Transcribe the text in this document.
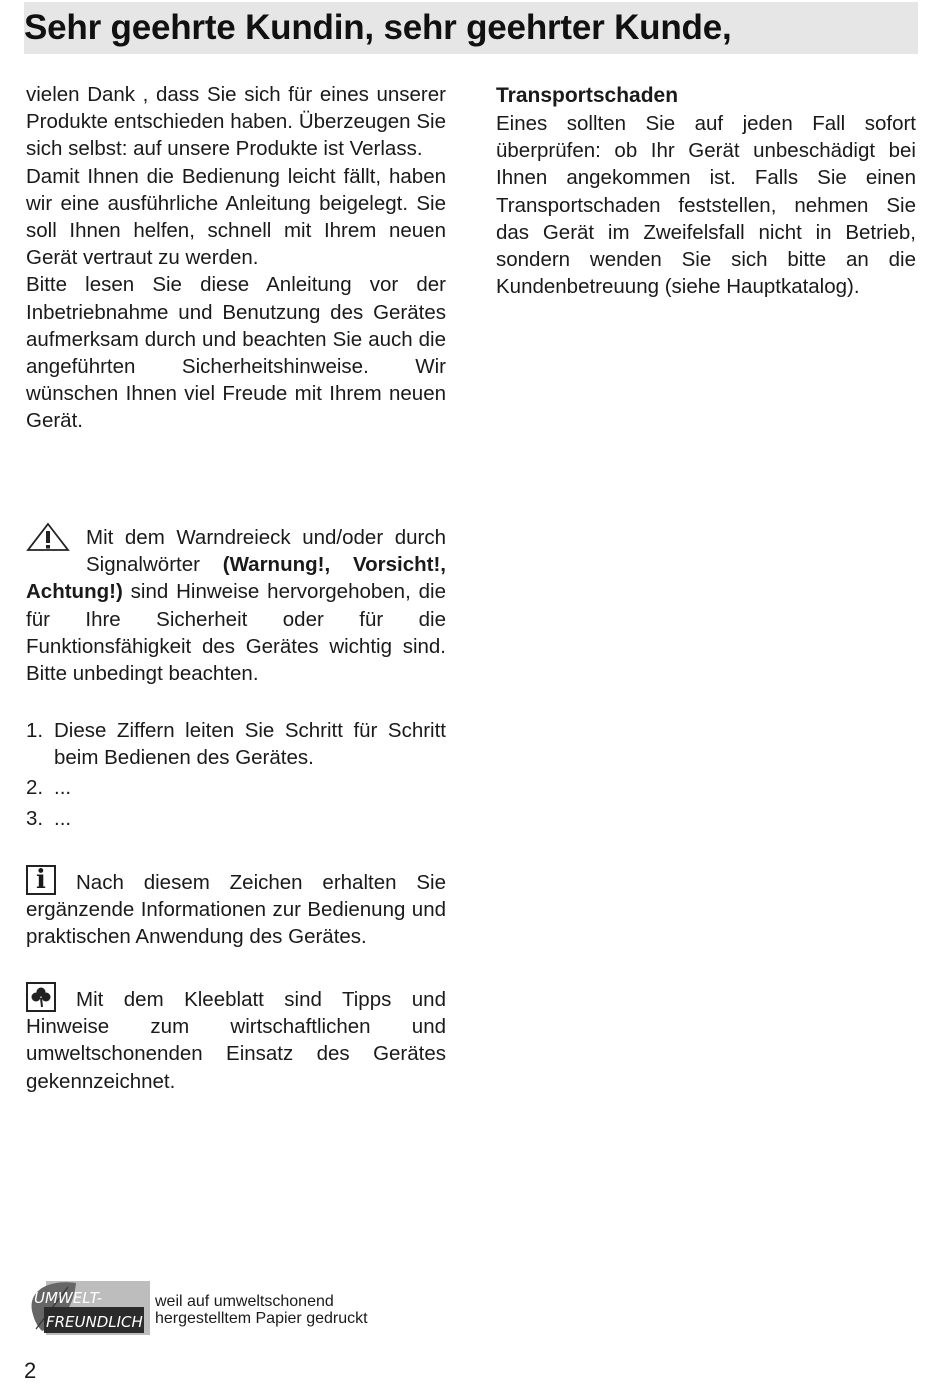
Sehr geehrte Kundin, sehr geehrter Kunde,

vielen Dank , dass Sie sich für eines unserer Produkte entschieden haben. Überzeugen Sie sich selbst: auf unsere Produkte ist Verlass.

Damit Ihnen die Bedienung leicht fällt, haben wir eine ausführliche Anleitung beigelegt. Sie soll Ihnen helfen, schnell mit Ihrem neuen Gerät vertraut zu werden.

Bitte lesen Sie diese Anleitung vor der Inbetriebnahme und Benutzung des Gerätes aufmerksam durch und beachten Sie auch die angeführten Sicherheitshinweise. Wir wünschen Ihnen viel Freude mit Ihrem neuen Gerät.

Transportschaden

Eines sollten Sie auf jeden Fall sofort überprüfen: ob Ihr Gerät unbeschädigt bei Ihnen angekommen ist. Falls Sie einen Transportschaden feststellen, nehmen Sie das Gerät im Zweifelsfall nicht in Betrieb, sondern wenden Sie sich bitte an die Kundenbetreuung (siehe Hauptkatalog).

Mit dem Warndreieck und/oder durch Signalwörter (Warnung!, Vorsicht!, Achtung!) sind Hinweise hervorgehoben, die für Ihre Sicherheit oder für die Funktionsfähigkeit des Gerätes wichtig sind. Bitte unbedingt beachten.

1. Diese Ziffern leiten Sie Schritt für Schritt beim Bedienen des Gerätes.
2. ...
3. ...
i	Nach diesem Zeichen erhalten Sie ergänzende Informationen zur Bedienung und praktischen Anwendung des Gerätes.

Mit dem Kleeblatt sind Tipps und Hinweise zum wirtschaftlichen und umweltschonenden Einsatz des Gerätes gekennzeichnet.

UMWELT-
FREUNDLICH
weil auf umweltschonend
hergestelltem Papier gedruckt
2
